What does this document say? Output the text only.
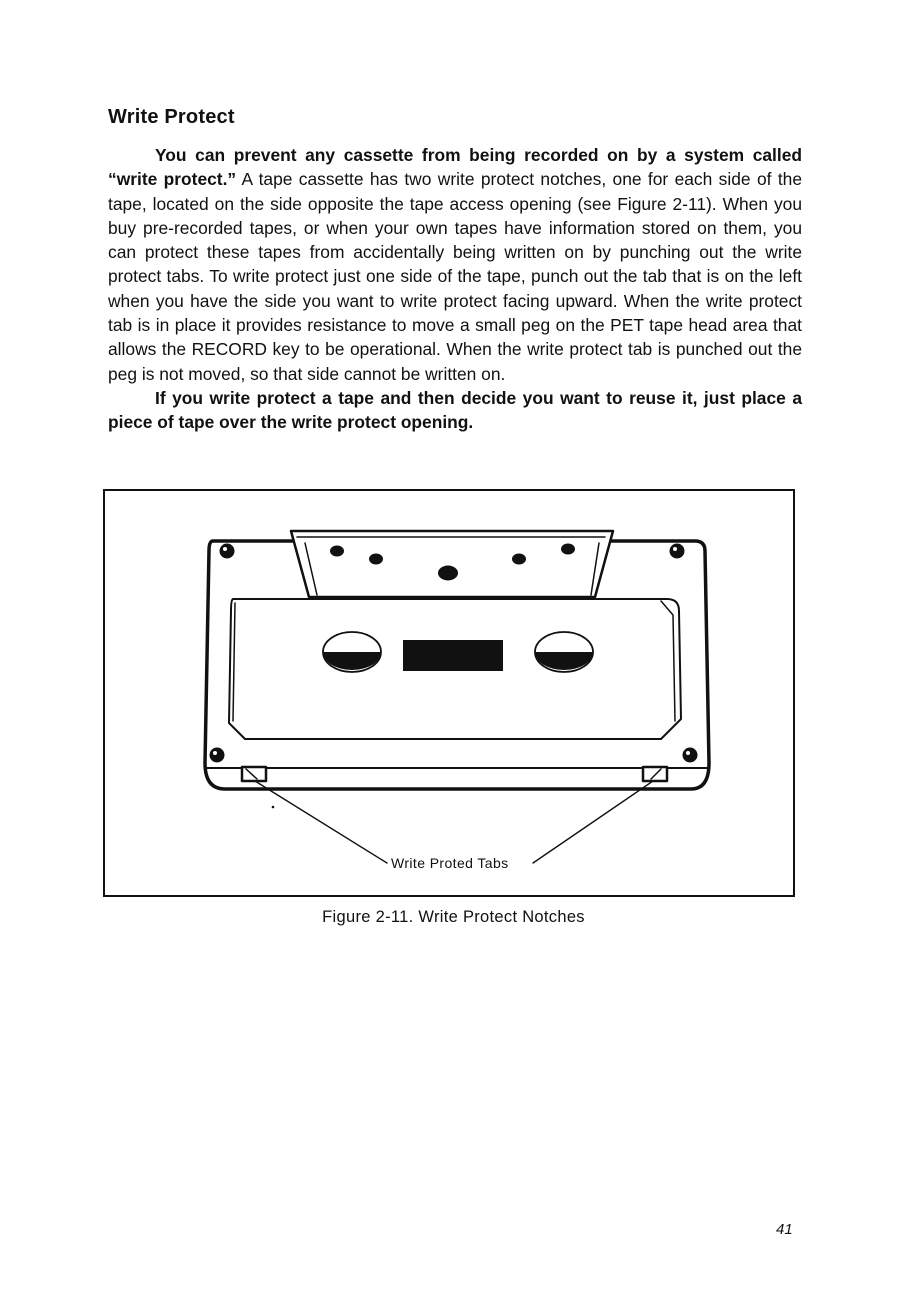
Write Protect

You can prevent any cassette from being recorded on by a system called “write protect.” A tape cassette has two write protect notches, one for each side of the tape, located on the side opposite the tape access opening (see Figure 2-11). When you buy pre-recorded tapes, or when your own tapes have information stored on them, you can protect these tapes from accidentally being written on by punching out the write protect tabs. To write protect just one side of the tape, punch out the tab that is on the left when you have the side you want to write protect facing upward. When the write protect tab is in place it provides resistance to move a small peg on the PET tape head area that allows the RECORD key to be operational. When the write protect tab is punched out the peg is not moved, so that side cannot be written on.

If you write protect a tape and then decide you want to reuse it, just place a piece of tape over the write protect opening.

Write Proted Tabs
Figure 2-11. Write Protect Notches
41
